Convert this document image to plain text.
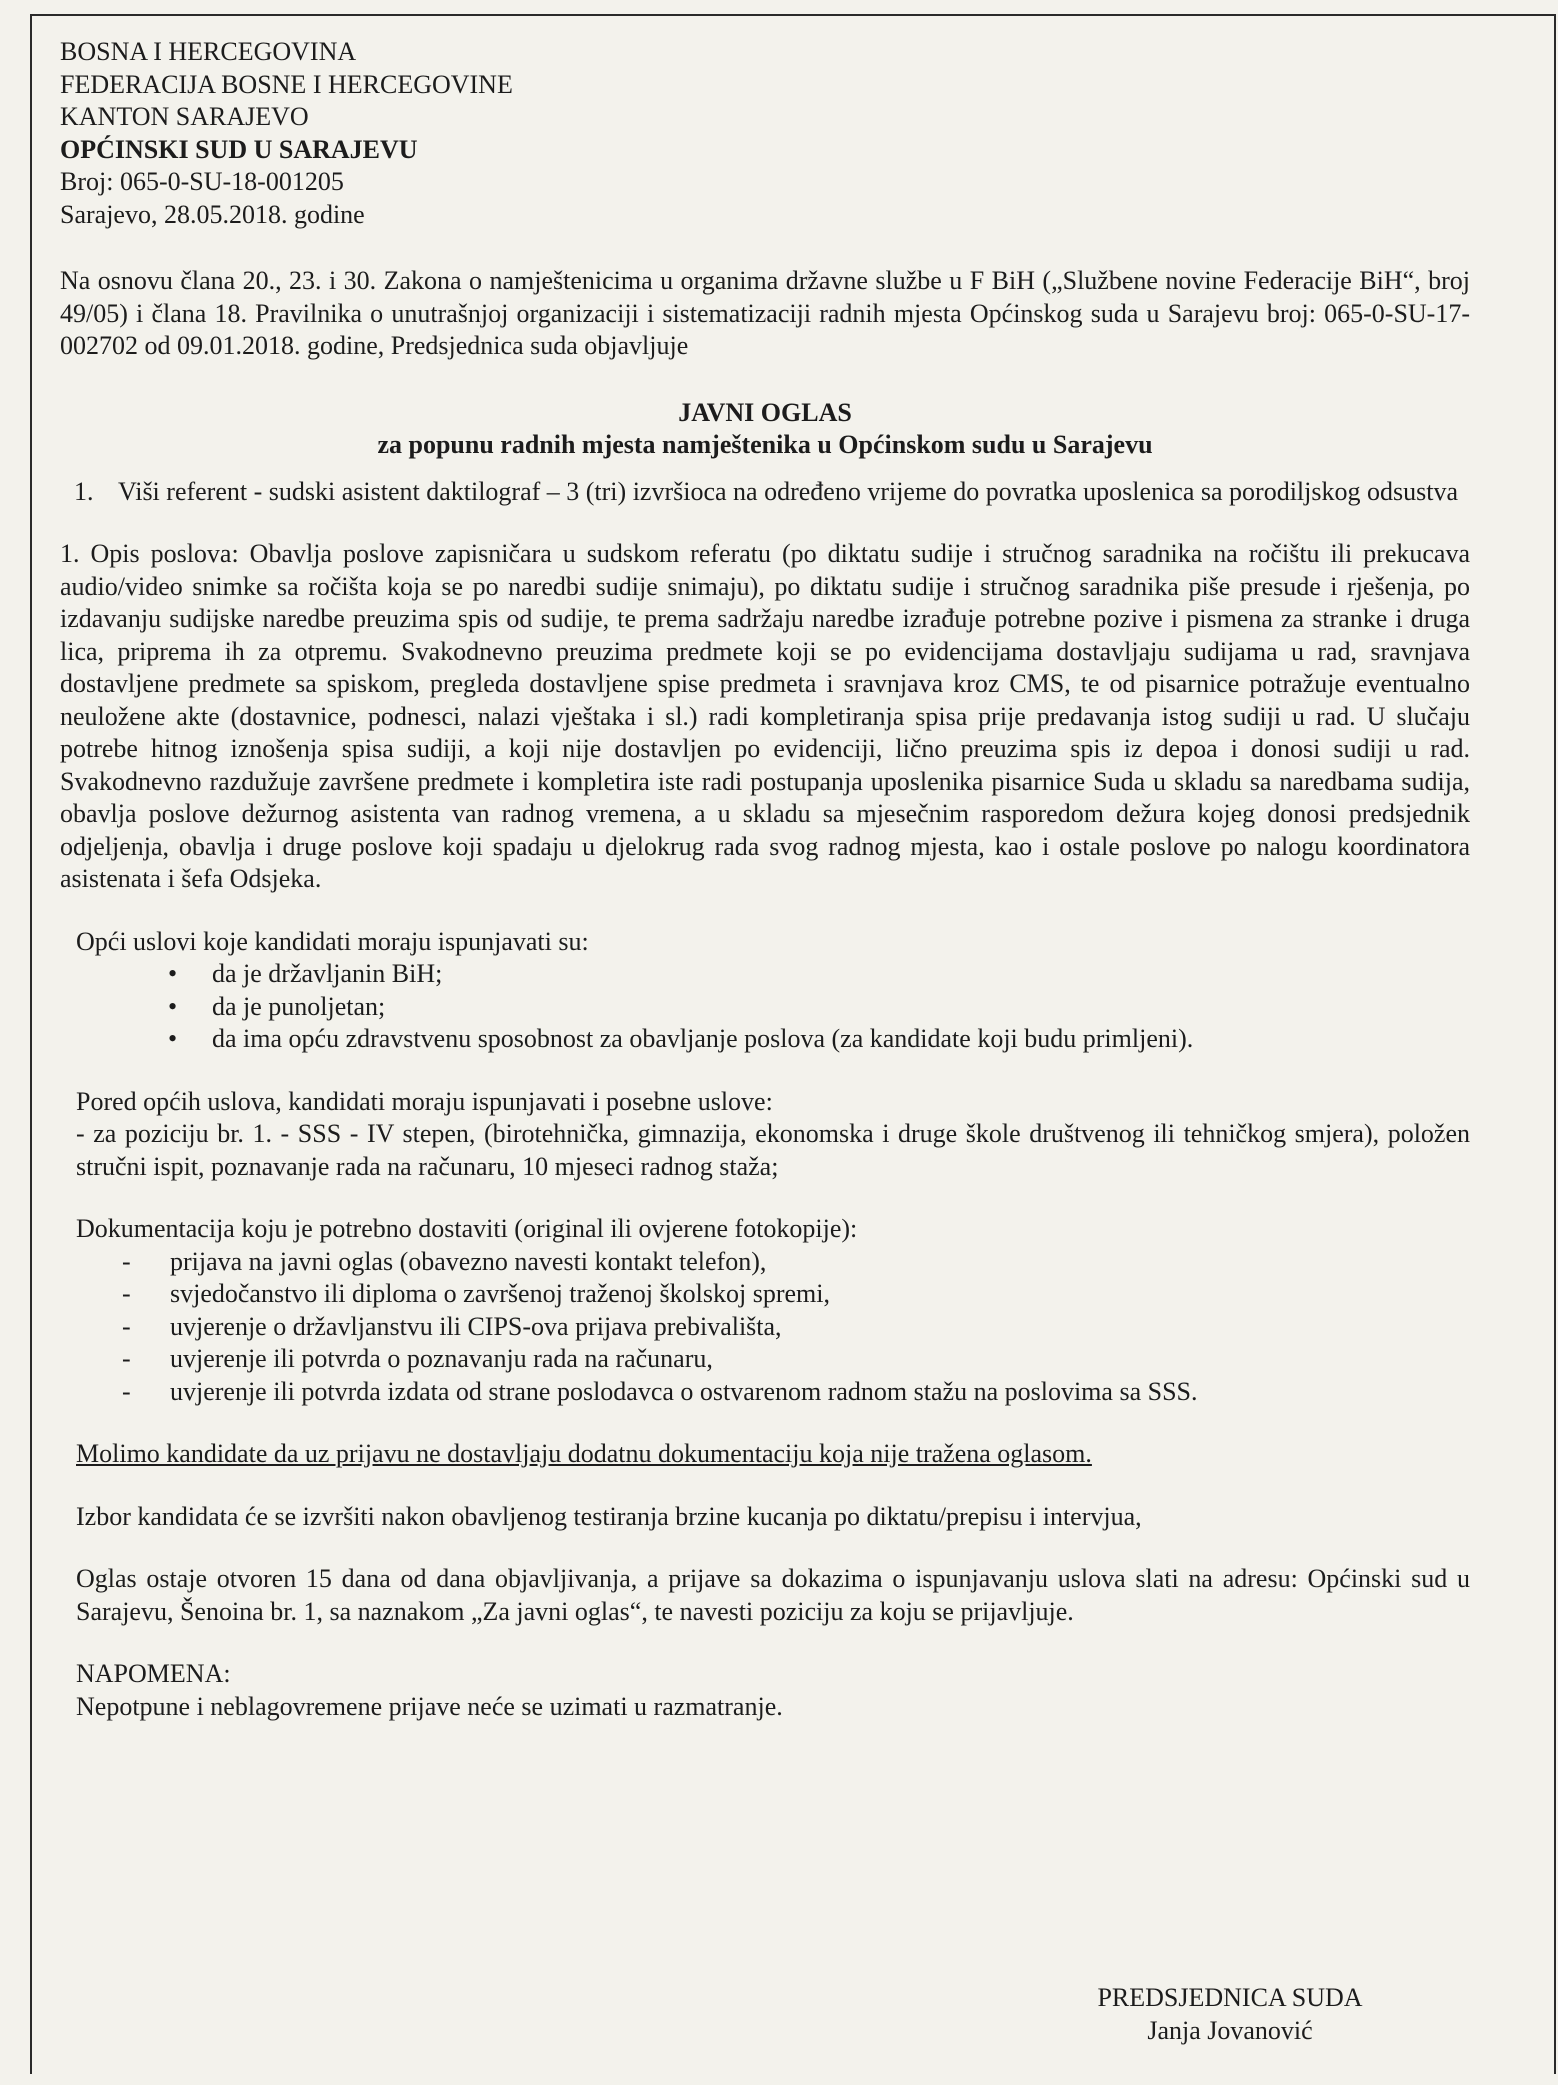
BOSNA I HERCEGOVINA
FEDERACIJA BOSNE I HERCEGOVINE
KANTON SARAJEVO
OPĆINSKI SUD U SARAJEVU
Broj: 065-0-SU-18-001205
Sarajevo, 28.05.2018. godine

Na osnovu člana 20., 23. i 30. Zakona o namještenicima u organima državne službe u F BiH („Službene novine Federacije BiH“, broj 49/05) i člana 18. Pravilnika o unutrašnjoj organizaciji i sistematizaciji radnih mjesta Općinskog suda u Sarajevu broj: 065-0-SU-17-002702 od 09.01.2018. godine, Predsjednica suda objavljuje

JAVNI OGLAS

za popunu radnih mjesta namještenika u Općinskom sudu u Sarajevu

1. Viši referent - sudski asistent daktilograf – 3 (tri) izvršioca na određeno vrijeme do povratka uposlenica sa porodiljskog odsustva

1. Opis poslova: Obavlja poslove zapisničara u sudskom referatu (po diktatu sudije i stručnog saradnika na ročištu ili prekucava audio/video snimke sa ročišta koja se po naredbi sudije snimaju), po diktatu sudije i stručnog saradnika piše presude i rješenja, po izdavanju sudijske naredbe preuzima spis od sudije, te prema sadržaju naredbe izrađuje potrebne pozive i pismena za stranke i druga lica, priprema ih za otpremu. Svakodnevno preuzima predmete koji se po evidencijama dostavljaju sudijama u rad, sravnjava dostavljene predmete sa spiskom, pregleda dostavljene spise predmeta i sravnjava kroz CMS, te od pisarnice potražuje eventualno neuložene akte (dostavnice, podnesci, nalazi vještaka i sl.) radi kompletiranja spisa prije predavanja istog sudiji u rad. U slučaju potrebe hitnog iznošenja spisa sudiji, a koji nije dostavljen po evidenciji, lično preuzima spis iz depoa i donosi sudiji u rad. Svakodnevno razdužuje završene predmete i kompletira iste radi postupanja uposlenika pisarnice Suda u skladu sa naredbama sudija, obavlja poslove dežurnog asistenta van radnog vremena, a u skladu sa mjesečnim rasporedom dežura kojeg donosi predsjednik odjeljenja, obavlja i druge poslove koji spadaju u djelokrug rada svog radnog mjesta, kao i ostale poslove po nalogu koordinatora asistenata i šefa Odsjeka.

Opći uslovi koje kandidati moraju ispunjavati su:

• da je državljanin BiH;
• da je punoljetan;
• da ima opću zdravstvenu sposobnost za obavljanje poslova (za kandidate koji budu primljeni).

Pored općih uslova, kandidati moraju ispunjavati i posebne uslove:

- za poziciju br. 1. - SSS - IV stepen, (birotehnička, gimnazija, ekonomska i druge škole društvenog ili tehničkog smjera), položen stručni ispit, poznavanje rada na računaru, 10 mjeseci radnog staža;

Dokumentacija koju je potrebno dostaviti (original ili ovjerene fotokopije):

- prijava na javni oglas (obavezno navesti kontakt telefon),
- svjedočanstvo ili diploma o završenoj traženoj školskoj spremi,
- uvjerenje o državljanstvu ili CIPS-ova prijava prebivališta,
- uvjerenje ili potvrda o poznavanju rada na računaru,
- uvjerenje ili potvrda izdata od strane poslodavca o ostvarenom radnom stažu na poslovima sa SSS.

Molimo kandidate da uz prijavu ne dostavljaju dodatnu dokumentaciju koja nije tražena oglasom.

Izbor kandidata će se izvršiti nakon obavljenog testiranja brzine kucanja po diktatu/prepisu i intervjua,

Oglas ostaje otvoren 15 dana od dana objavljivanja, a prijave sa dokazima o ispunjavanju uslova slati na adresu: Općinski sud u Sarajevu, Šenoina br. 1, sa naznakom „Za javni oglas“, te navesti poziciju za koju se prijavljuje.

NAPOMENA:

Nepotpune i neblagovremene prijave neće se uzimati u razmatranje.

PREDSJEDNICA SUDA
Janja Jovanović
